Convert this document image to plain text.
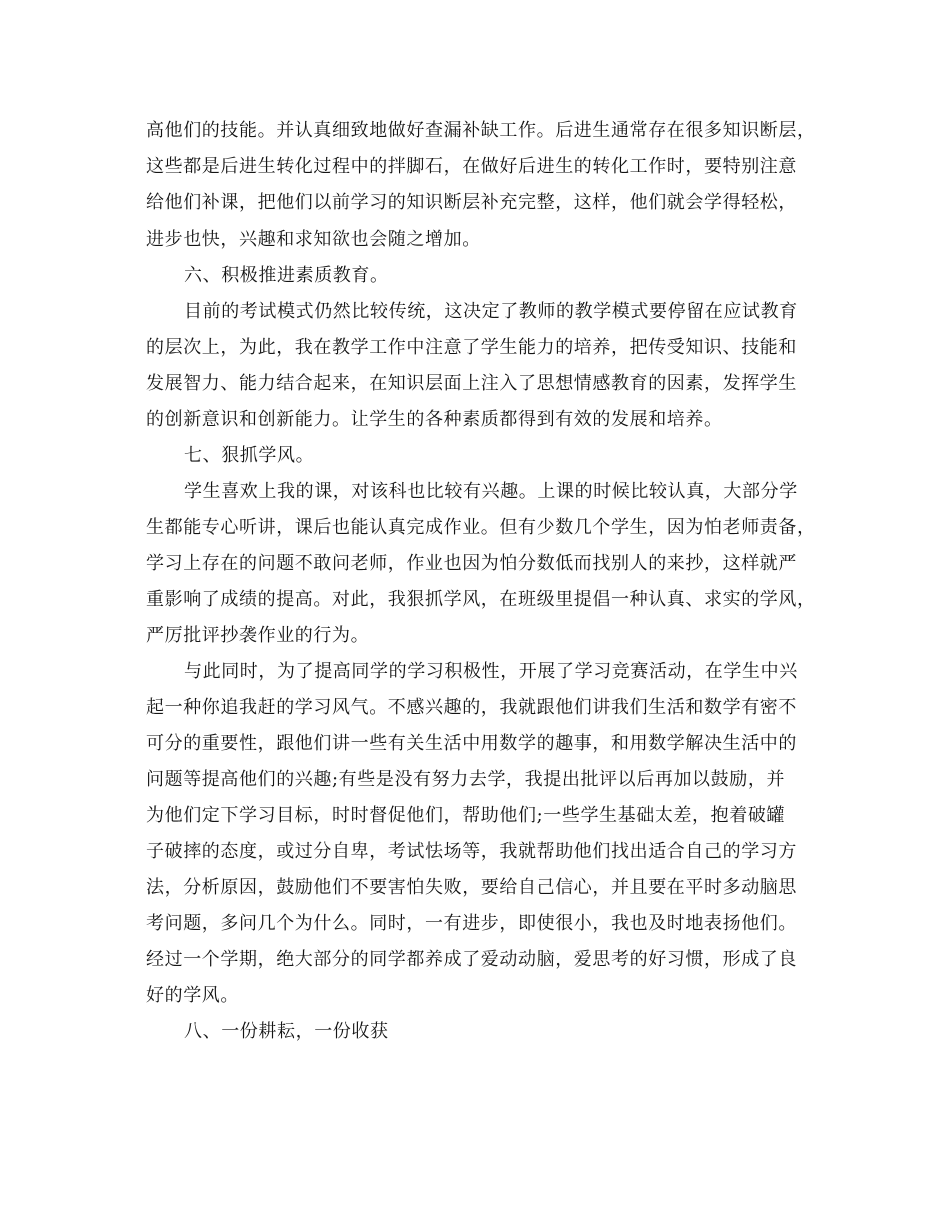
高他们的技能。并认真细致地做好查漏补缺工作。后进生通常存在很多知识断层，
这些都是后进生转化过程中的拌脚石，在做好后进生的转化工作时，要特别注意
给他们补课，把他们以前学习的知识断层补充完整，这样，他们就会学得轻松，
进步也快，兴趣和求知欲也会随之增加。
六、积极推进素质教育。
目前的考试模式仍然比较传统，这决定了教师的教学模式要停留在应试教育
的层次上，为此，我在教学工作中注意了学生能力的培养，把传受知识、技能和
发展智力、能力结合起来，在知识层面上注入了思想情感教育的因素，发挥学生
的创新意识和创新能力。让学生的各种素质都得到有效的发展和培养。
七、狠抓学风。
学生喜欢上我的课，对该科也比较有兴趣。上课的时候比较认真，大部分学
生都能专心听讲，课后也能认真完成作业。但有少数几个学生，因为怕老师责备，
学习上存在的问题不敢问老师，作业也因为怕分数低而找别人的来抄，这样就严
重影响了成绩的提高。对此，我狠抓学风，在班级里提倡一种认真、求实的学风，
严厉批评抄袭作业的行为。
与此同时，为了提高同学的学习积极性，开展了学习竞赛活动，在学生中兴
起一种你追我赶的学习风气。不感兴趣的，我就跟他们讲我们生活和数学有密不
可分的重要性，跟他们讲一些有关生活中用数学的趣事，和用数学解决生活中的
问题等提高他们的兴趣;有些是没有努力去学，我提出批评以后再加以鼓励，并
为他们定下学习目标，时时督促他们，帮助他们;一些学生基础太差，抱着破罐
子破摔的态度，或过分自卑，考试怯场等，我就帮助他们找出适合自己的学习方
法，分析原因，鼓励他们不要害怕失败，要给自己信心，并且要在平时多动脑思
考问题，多问几个为什么。同时，一有进步，即使很小，我也及时地表扬他们。
经过一个学期，绝大部分的同学都养成了爱动动脑，爱思考的好习惯，形成了良
好的学风。
八、一份耕耘，一份收获
